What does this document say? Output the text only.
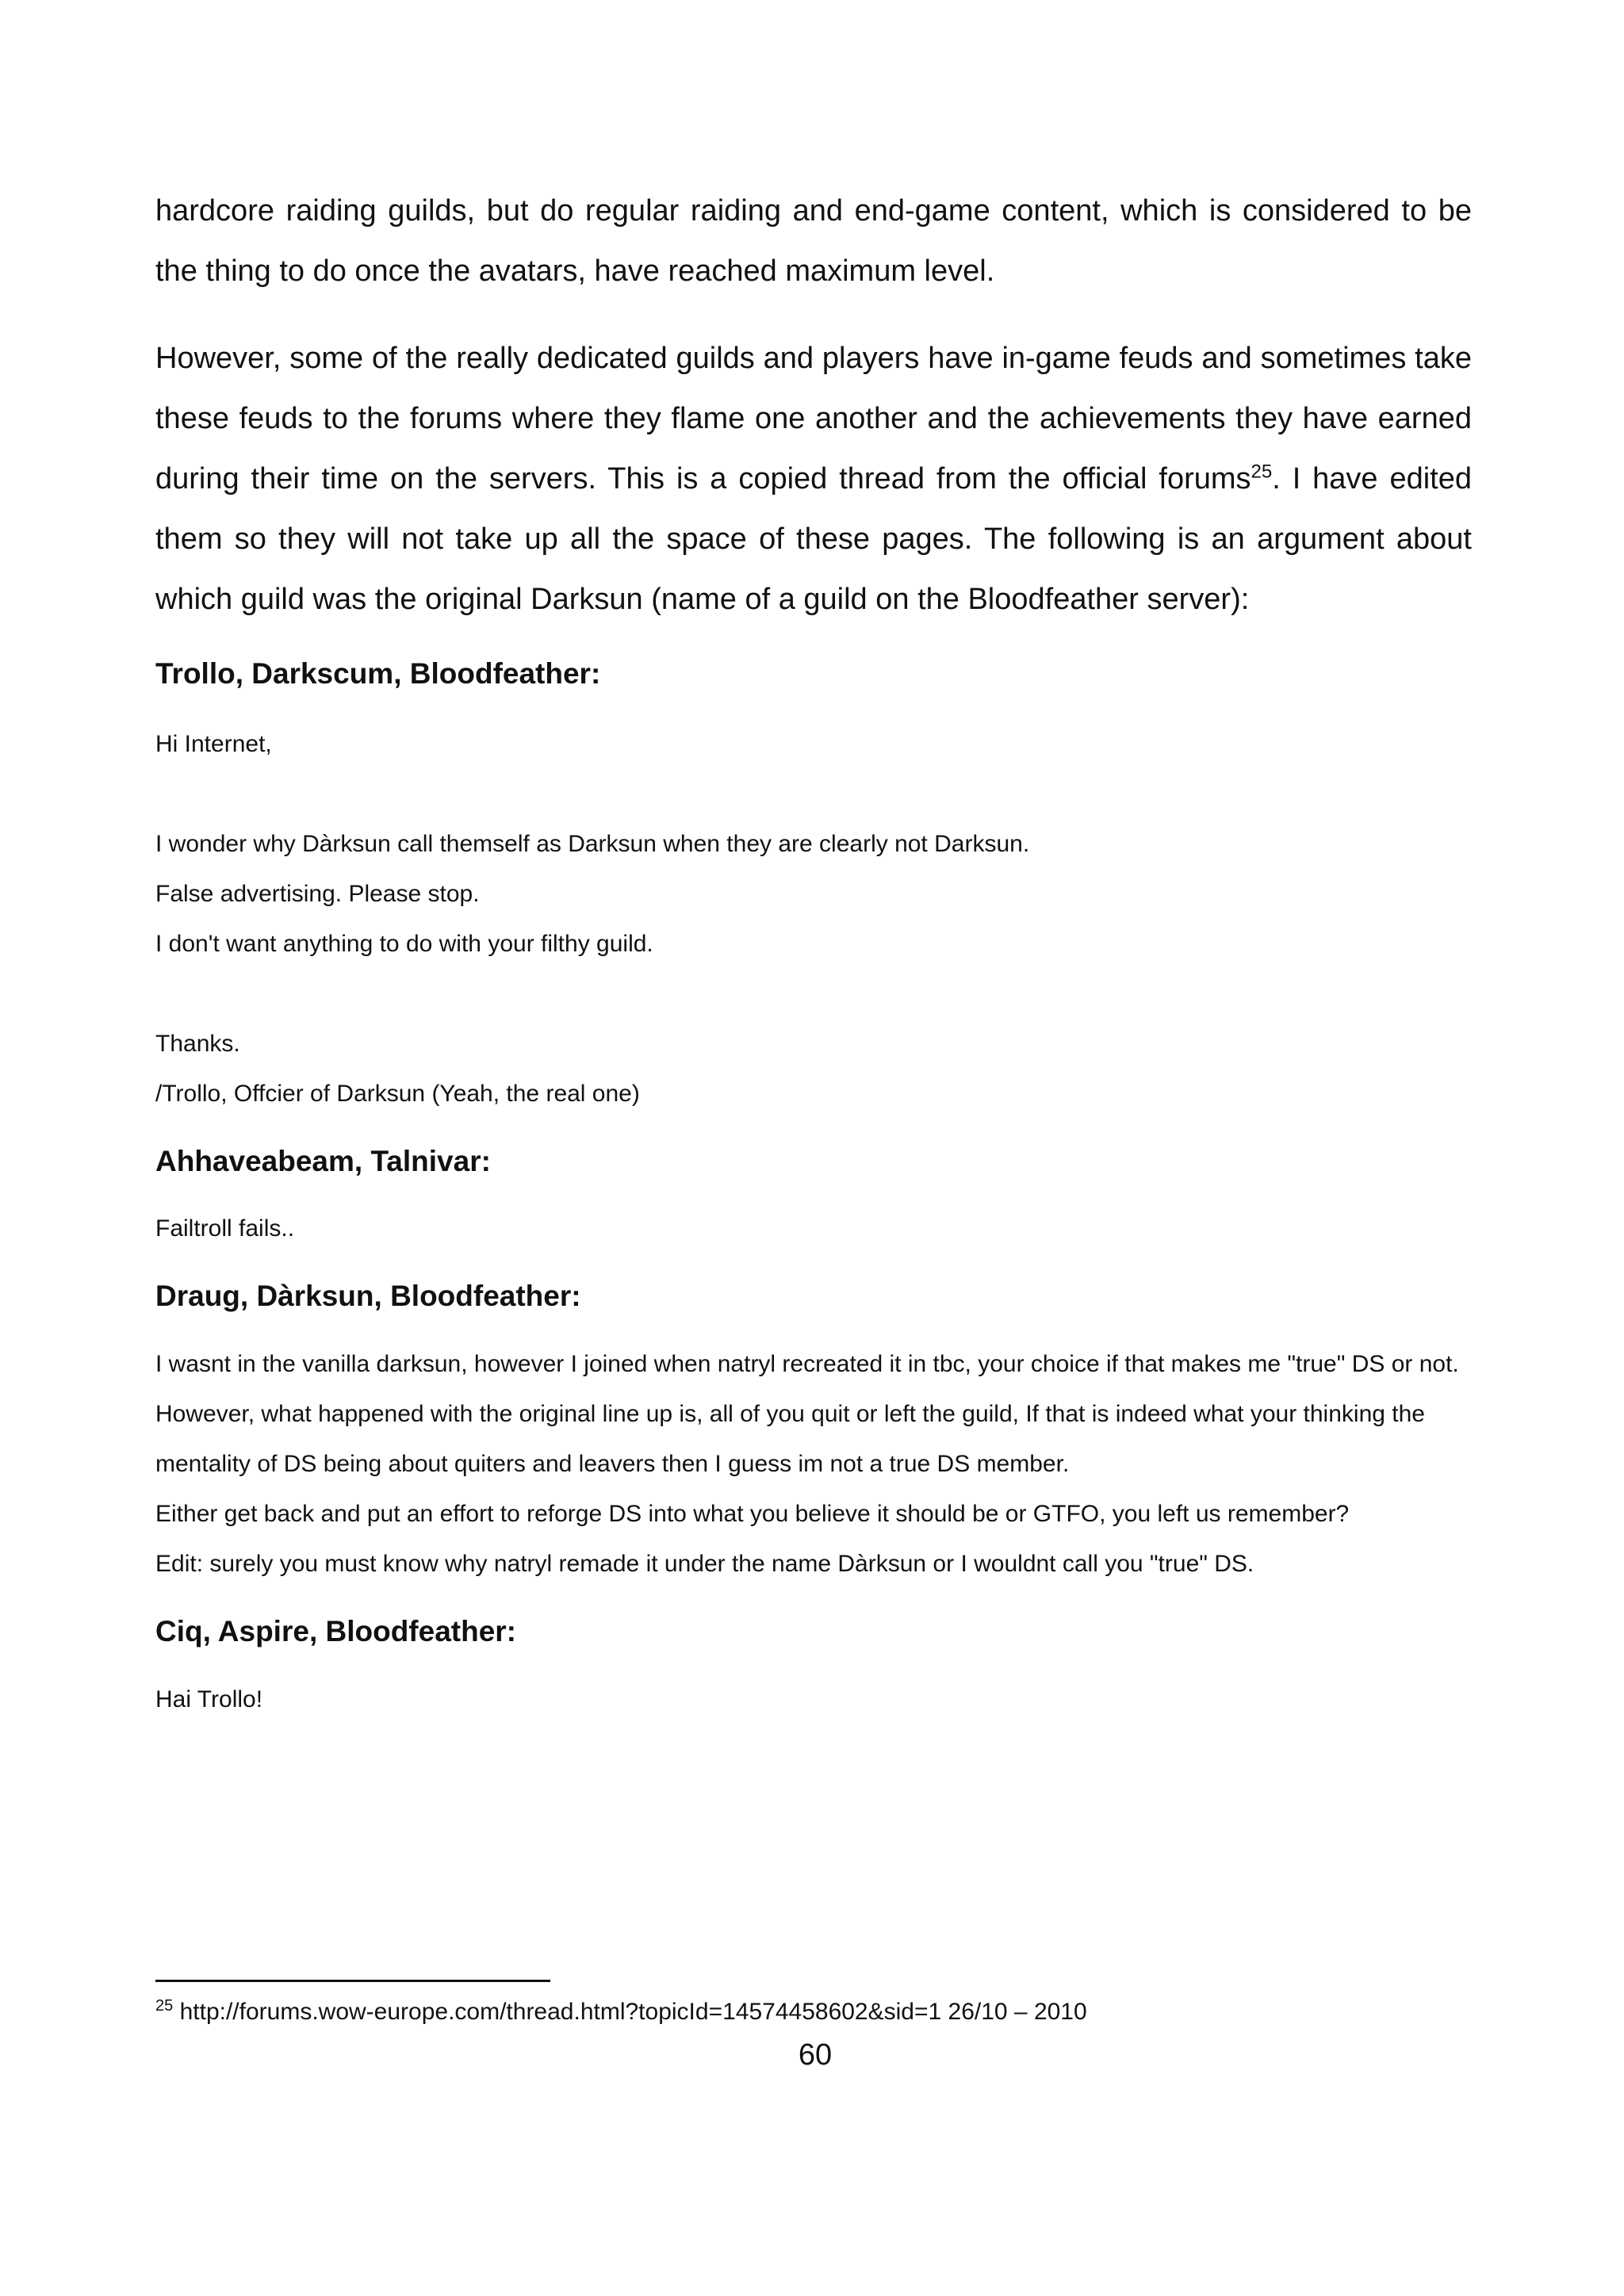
hardcore raiding guilds, but do regular raiding and end-game content, which is considered to be the thing to do once the avatars, have reached maximum level.

However, some of the really dedicated guilds and players have in-game feuds and sometimes take these feuds to the forums where they flame one another and the achievements they have earned during their time on the servers. This is a copied thread from the official forums$^{25}$. I have edited them so they will not take up all the space of these pages. The following is an argument about which guild was the original Darksun (name of a guild on the Bloodfeather server):

Trollo, Darkscum, Bloodfeather:

Hi Internet,

I wonder why Dàrksun call themself as Darksun when they are clearly not Darksun.

False advertising. Please stop.

I don't want anything to do with your filthy guild.

Thanks.

/Trollo, Offcier of Darksun (Yeah, the real one)

Ahhaveabeam, Talnivar:

Failtroll fails..

Draug, Dàrksun, Bloodfeather:

I wasnt in the vanilla darksun, however I joined when natryl recreated it in tbc, your choice if that makes me "true" DS or not.

However, what happened with the original line up is, all of you quit or left the guild, If that is indeed what your thinking the mentality of DS being about quiters and leavers then I guess im not a true DS member.

Either get back and put an effort to reforge DS into what you believe it should be or GTFO, you left us remember?

Edit: surely you must know why natryl remade it under the name Dàrksun or I wouldnt call you "true" DS.

Ciq, Aspire, Bloodfeather:

Hai Trollo!

$^{25}$ http://forums.wow-europe.com/thread.html?topicId=14574458602&sid=1 26/10 – 2010
60
